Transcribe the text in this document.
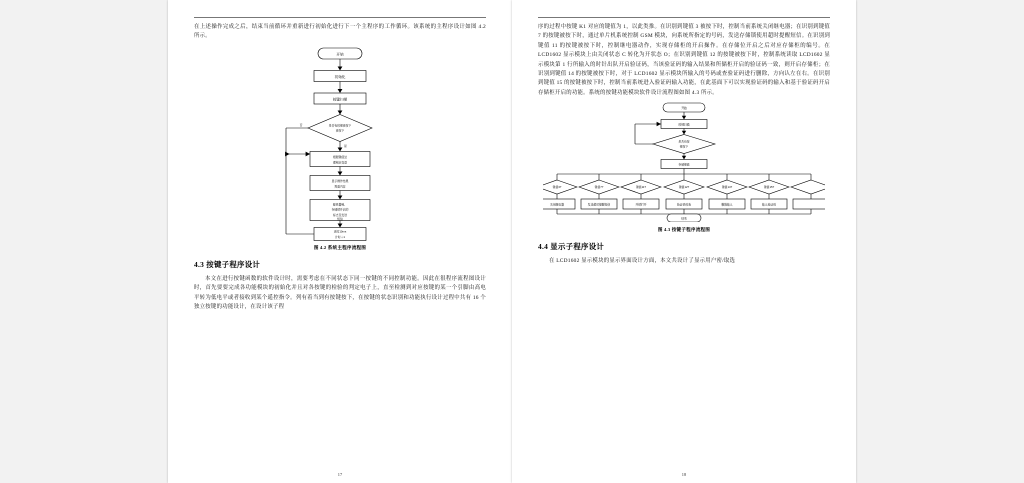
在上述操作完成之后，结束当前循环并重新进行初始化进行下一个主程序的工作循环。该系统的主程序设计如图 4.2 所示。
开始
初始化
按键扫描
是否有按键被按下
被按下
否
是
根据键值处
理相应变量
显示操作结果
界面内容
蜂鸣器响、
存储锁开启的
标志及发送
短信
延时10ms
计时＋1
图 4.2 系统主程序流程图
4.3 按键子程序设计
本文在进行按键函数的软件设计时，需要考虑在不同状态下同一按键的不同控制功能。因此在很程序流程图设计时，首先要要完成各功能模块的初始化并且对各按键的检验的判定电子上，直至检测到对应按键的某一个引脚由高电平转为低电平或者接收到某个遥控指令。列有着当到有按键按下，在按键的状态识别和功能执行设计过程中共有 16 个独立按键的功能设计，在设计该子程
17
序的过程中按键 K1 对应的键值为 1，以此类推。在识别到键值 3 被按下时，控制当前系统关闭继电器；在识别到键值 7 的按键被按下时，通过单片机系统控制 GSM 模块，向系统所指定的号码，发送存储锁使用超时提醒短信。在识别到键值 11 的按键被按下时，控制继电器动作，实现存储柜的开启操作。在存储位开启之后对应存储柜的编号。在 LCD1602 显示模块上由关闭状态 C 转化为开状态 O；在识别到键值 12 的按键被按下时，控制系统读取 LCD1602 显示模块第 1 行所输入的时针出队开启验证码，当该验证码的输入结果和所储柜开启的验证码一致，则开启存储柜；在识别到键值 14 的按键被按下时，对于 LCD1602 显示模块所输入的号码或查验证码进行删除，方向认左在右。在识别到键值 15 的按键被按下时，控制当前系统进入验证码输入功能，在此基面下可以实现验证码的输入和基于验证码开启存储柜开启的功能。系统的按键功能模块软件设计流程图如图 4.3 所示。
开始
按键扫描
是否有按
键按下
存储键值
键值3?	键值7?	键值11?	键值12?	键值14?	键值15?
关闭继电器	发送超时提醒短信	开锁打开	验证码校验	删除输入	输入验证码
结束
图 4.3 按键子程序流程图
4.4 显示子程序设计
在 LCD1602 显示模块的显示界面设计方面，本文共设计了显示用户密/取选
18
